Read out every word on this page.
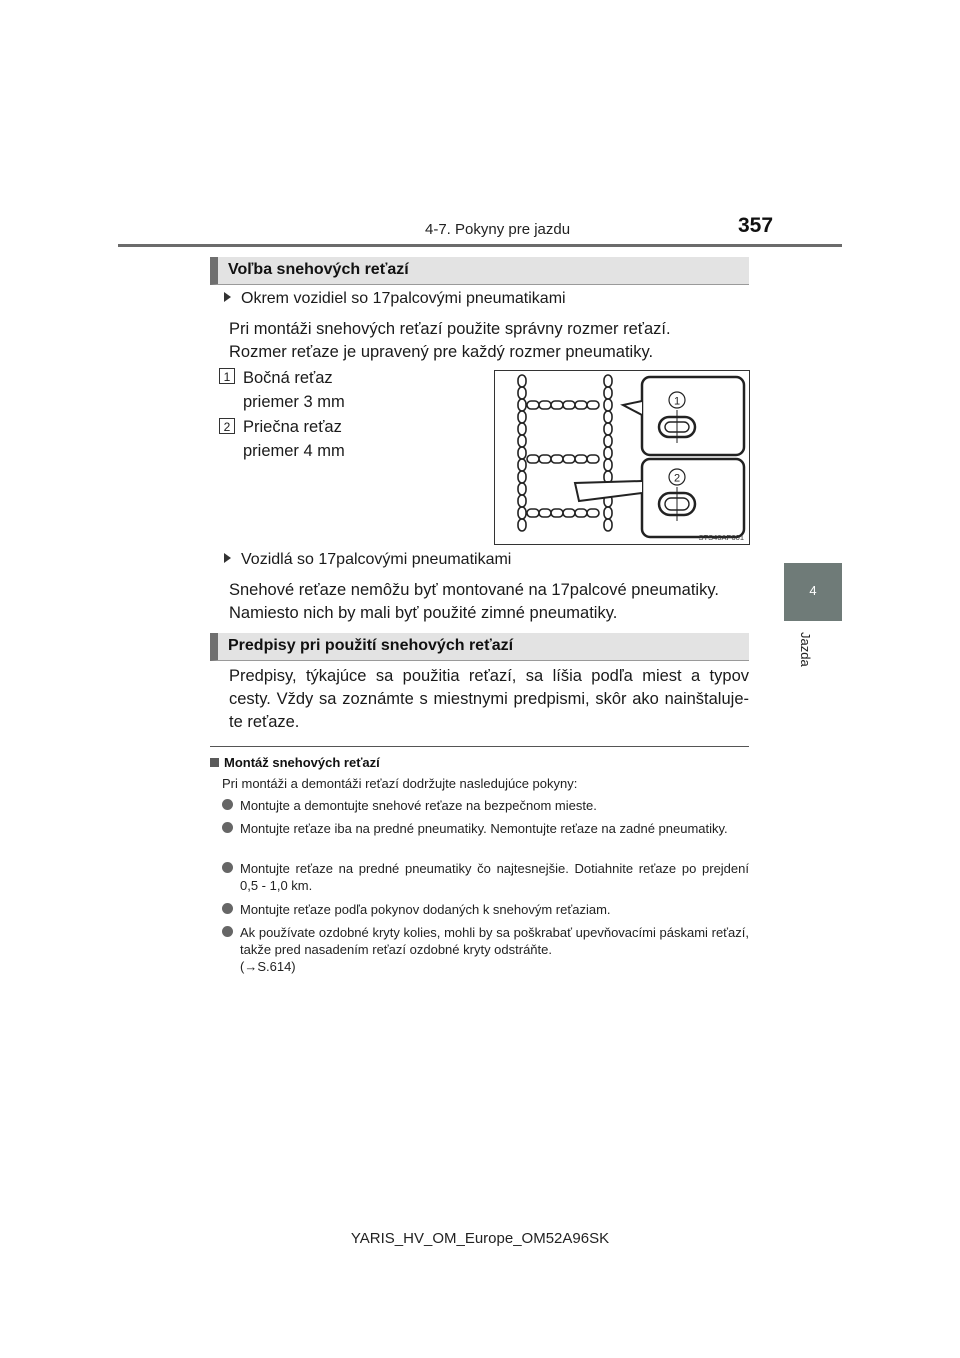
4-7. Pokyny pre jazdu	357
4
Jazda
Voľba snehových reťazí
Okrem vozidiel so 17palcovými pneumatikami
Pri montáži snehových reťazí použite správny rozmer reťazí.
Rozmer reťaze je upravený pre každý rozmer pneumatiky.
1 Bočná reťaz
priemer 3 mm
2 Priečna reťaz
priemer 4 mm
1
2
STS46AP001
Vozidlá so 17palcovými pneumatikami
Snehové reťaze nemôžu byť montované na 17palcové pneumatiky.
Namiesto nich by mali byť použité zimné pneumatiky.
Predpisy pri použití snehových reťazí
Predpisy, týkajúce sa použitia reťazí, sa líšia podľa miest a typov
cesty. Vždy sa zoznámte s miestnymi predpismi, skôr ako nainštaluje-
te reťaze.
Montáž snehových reťazí
Pri montáži a demontáži reťazí dodržujte nasledujúce pokyny:
Montujte a demontujte snehové reťaze na bezpečnom mieste.
Montujte reťaze iba na predné pneumatiky. Nemontujte reťaze na zadné pneumatiky.
Montujte reťaze na predné pneumatiky čo najtesnejšie. Dotiahnite reťaze po prejdení 0,5 - 1,0 km.
Montujte reťaze podľa pokynov dodaných k snehovým reťaziam.
Ak používate ozdobné kryty kolies, mohli by sa poškrabať upevňovacími páskami reťazí, takže pred nasadením reťazí ozdobné kryty odstráňte.
(→S.614)
YARIS_HV_OM_Europe_OM52A96SK
